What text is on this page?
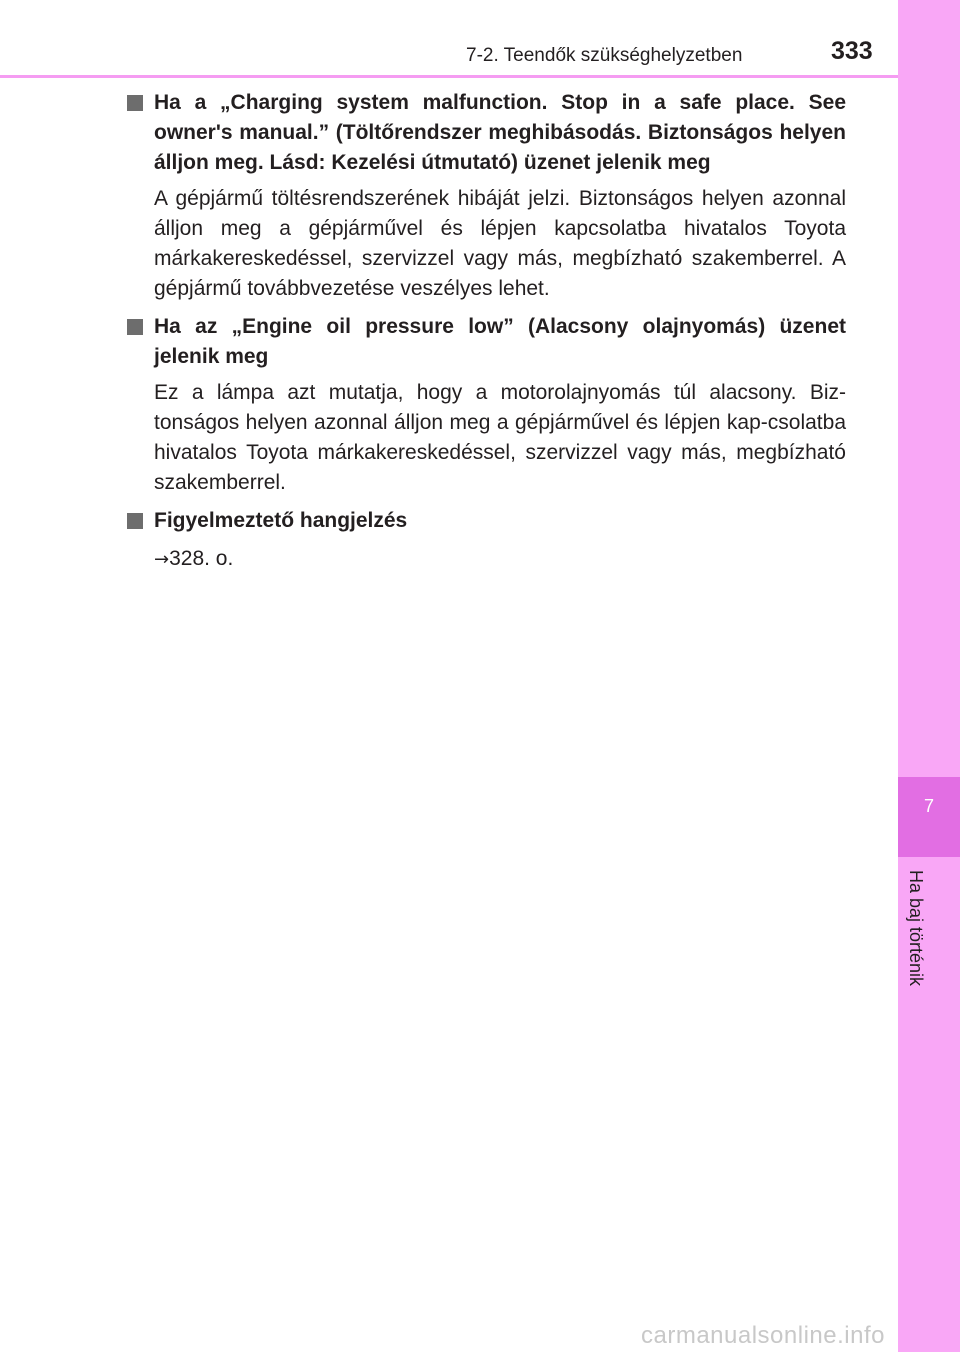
7-2. Teendők szükséghelyzetben	333
7
Ha baj történik

Ha a „Charging system malfunction. Stop in a safe place. See owner's manual.” (Töltőrendszer meghibásodás. Biztonságos helyen álljon meg. Lásd: Kezelési útmutató) üzenet jelenik meg

A gépjármű töltésrendszerének hibáját jelzi. Biztonságos helyen azonnal álljon meg a gépjárművel és lépjen kapcsolatba hivatalos Toyota márkakereskedéssel, szervizzel vagy más, megbízható szakemberrel. A gépjármű továbbvezetése veszélyes lehet.

Ha az „Engine oil pressure low” (Alacsony olajnyomás) üzenet jelenik meg

Ez a lámpa azt mutatja, hogy a motorolajnyomás túl alacsony. Biz-tonságos helyen azonnal álljon meg a gépjárművel és lépjen kap-csolatba hivatalos Toyota márkakereskedéssel, szervizzel vagy más, megbízható szakemberrel.

Figyelmeztető hangjelzés

→328. o.

carmanualsonline.info
